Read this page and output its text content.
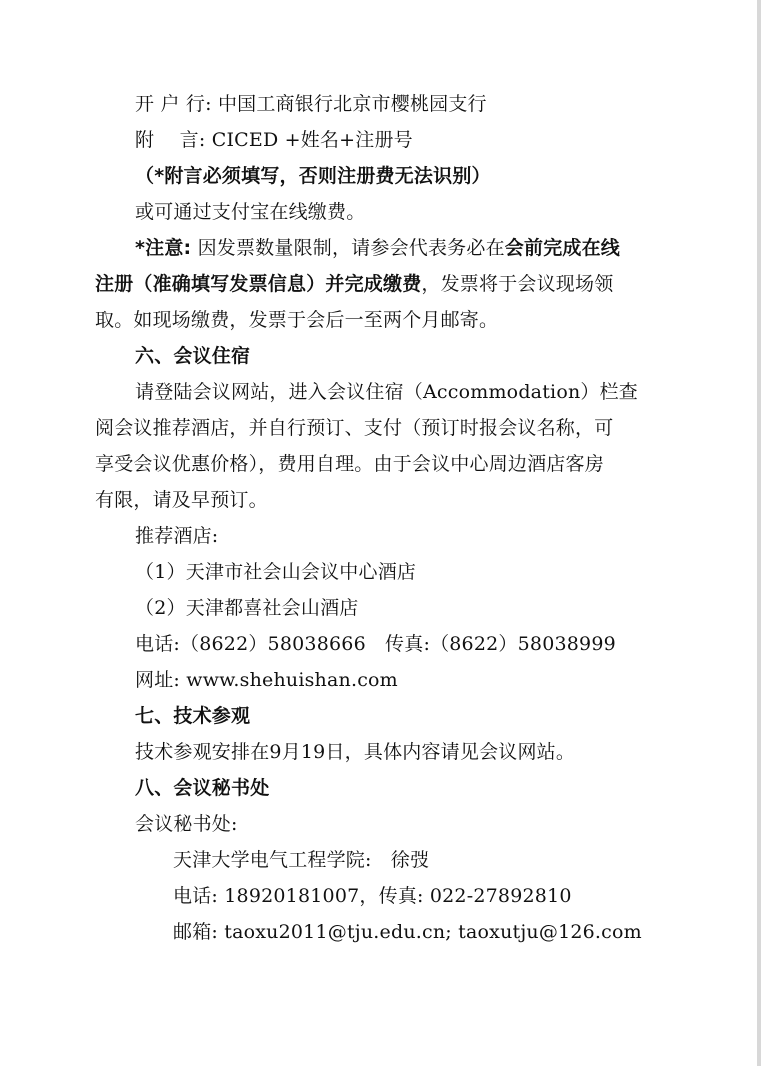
开 户 行: 中国工商银行北京市樱桃园支行
附　 言: CICED +姓名+注册号
（*附言必须填写，否则注册费无法识别）
或可通过支付宝在线缴费。
*注意: 因发票数量限制，请参会代表务必在会前完成在线
注册（准确填写发票信息）并完成缴费，发票将于会议现场领
取。如现场缴费，发票于会后一至两个月邮寄。
六、会议住宿
请登陆会议网站，进入会议住宿（Accommodation）栏查
阅会议推荐酒店，并自行预订、支付（预订时报会议名称，可
享受会议优惠价格），费用自理。由于会议中心周边酒店客房
有限，请及早预订。
推荐酒店:
（1）天津市社会山会议中心酒店
（2）天津都喜社会山酒店
电话:（8622）58038666　传真:（8622）58038999
网址: www.shehuishan.com
七、技术参观
技术参观安排在9月19日，具体内容请见会议网站。
八、会议秘书处
会议秘书处:
天津大学电气工程学院:　徐弢
电话: 18920181007，传真: 022-27892810
邮箱: taoxu2011@tju.edu.cn; taoxutju@126.com
